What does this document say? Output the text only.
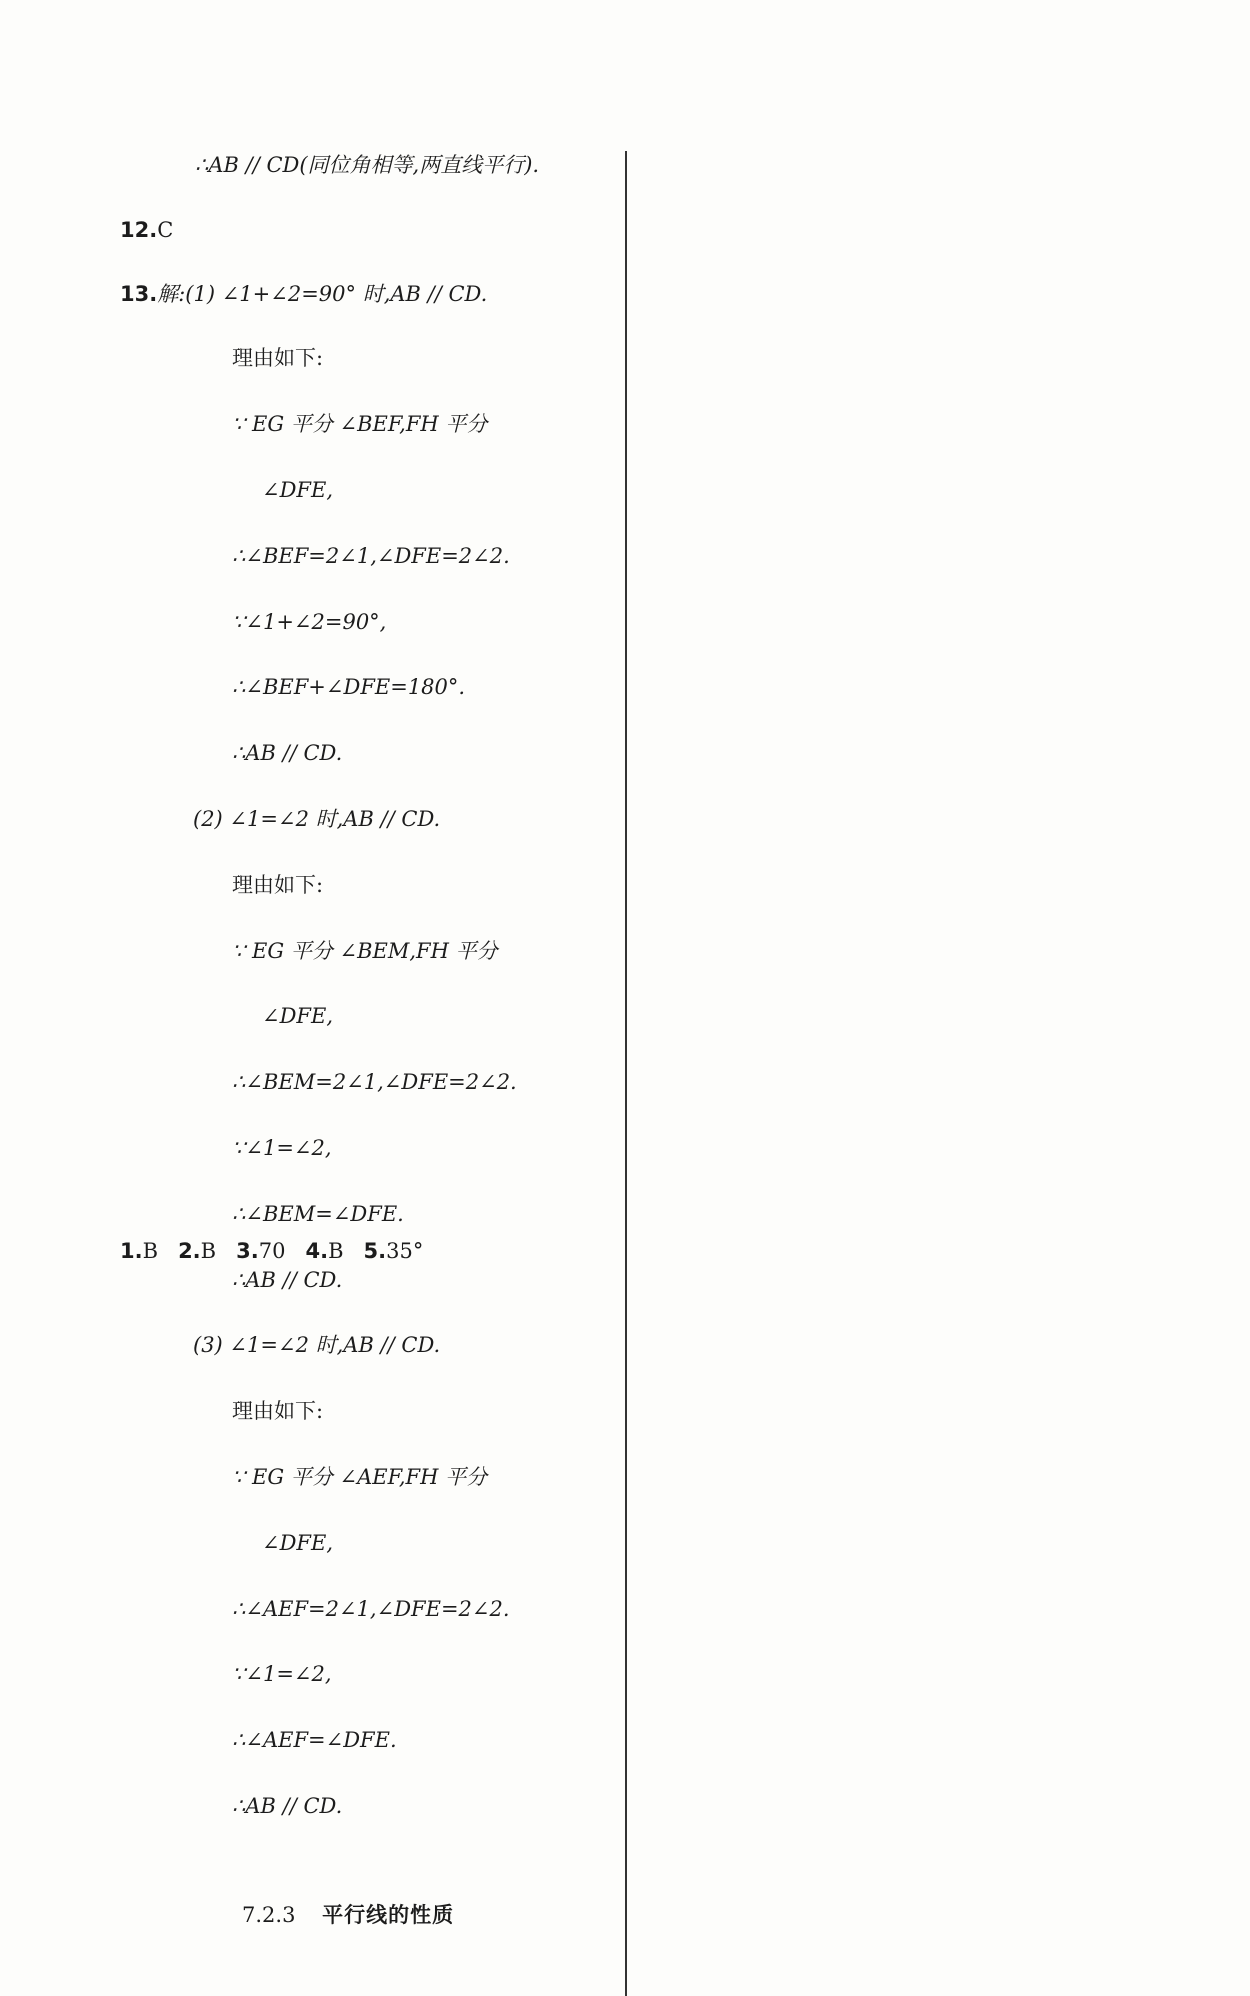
∴AB // CD(同位角相等,两直线平行).
12.C
13.解:(1) ∠1+∠2=90° 时,AB // CD.
理由如下:
∵ EG 平分 ∠BEF,FH 平分
∠DFE,
∴∠BEF=2∠1,∠DFE=2∠2.
∵∠1+∠2=90°,
∴∠BEF+∠DFE=180°.
∴AB // CD.
(2) ∠1=∠2 时,AB // CD.
理由如下:
∵ EG 平分 ∠BEM,FH 平分
∠DFE,
∴∠BEM=2∠1,∠DFE=2∠2.
∵∠1=∠2,
∴∠BEM=∠DFE.
∴AB // CD.
(3) ∠1=∠2 时,AB // CD.
理由如下:
∵ EG 平分 ∠AEF,FH 平分
∠DFE,
∴∠AEF=2∠1,∠DFE=2∠2.
∵∠1=∠2,
∴∠AEF=∠DFE.
∴AB // CD.
7.2.3 平行线的性质
1.B 2.B 3.70 4.B 5.35°
